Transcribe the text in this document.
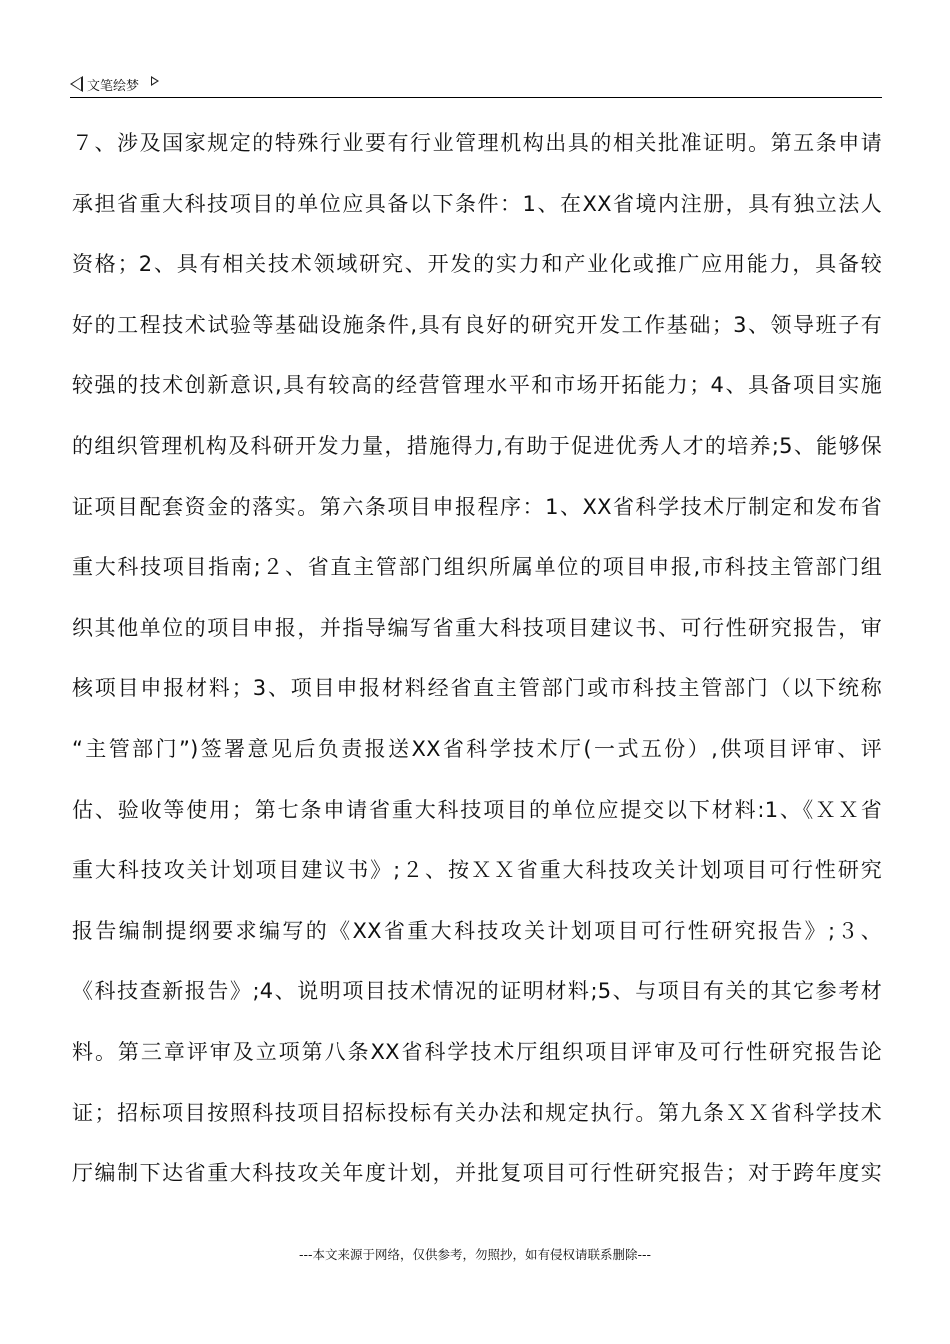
文笔绘梦
７、涉及国家规定的特殊行业要有行业管理机构出具的相关批准证明。第五条申请
承担省重大科技项目的单位应具备以下条件：1、在XX省境内注册，具有独立法人
资格；2、具有相关技术领域研究、开发的实力和产业化或推广应用能力，具备较
好的工程技术试验等基础设施条件,具有良好的研究开发工作基础；3、领导班子有
较强的技术创新意识,具有较高的经营管理水平和市场开拓能力；4、具备项目实施
的组织管理机构及科研开发力量，措施得力,有助于促进优秀人才的培养;5、能够保
证项目配套资金的落实。第六条项目申报程序：1、XX省科学技术厅制定和发布省
重大科技项目指南;２、省直主管部门组织所属单位的项目申报,市科技主管部门组
织其他单位的项目申报，并指导编写省重大科技项目建议书、可行性研究报告，审
核项目申报材料；3、项目申报材料经省直主管部门或市科技主管部门（以下统称
“主管部门”)签署意见后负责报送XX省科学技术厅(一式五份）,供项目评审、评
估、验收等使用；第七条申请省重大科技项目的单位应提交以下材料:1、《ＸＸ省
重大科技攻关计划项目建议书》;２、按ＸＸ省重大科技攻关计划项目可行性研究
报告编制提纲要求编写的《XX省重大科技攻关计划项目可行性研究报告》;３、
《科技查新报告》;4、说明项目技术情况的证明材料;5、与项目有关的其它参考材
料。第三章评审及立项第八条XX省科学技术厅组织项目评审及可行性研究报告论
证；招标项目按照科技项目招标投标有关办法和规定执行。第九条ＸＸ省科学技术
厅编制下达省重大科技攻关年度计划，并批复项目可行性研究报告；对于跨年度实
---本文来源于网络，仅供参考，勿照抄，如有侵权请联系删除---
